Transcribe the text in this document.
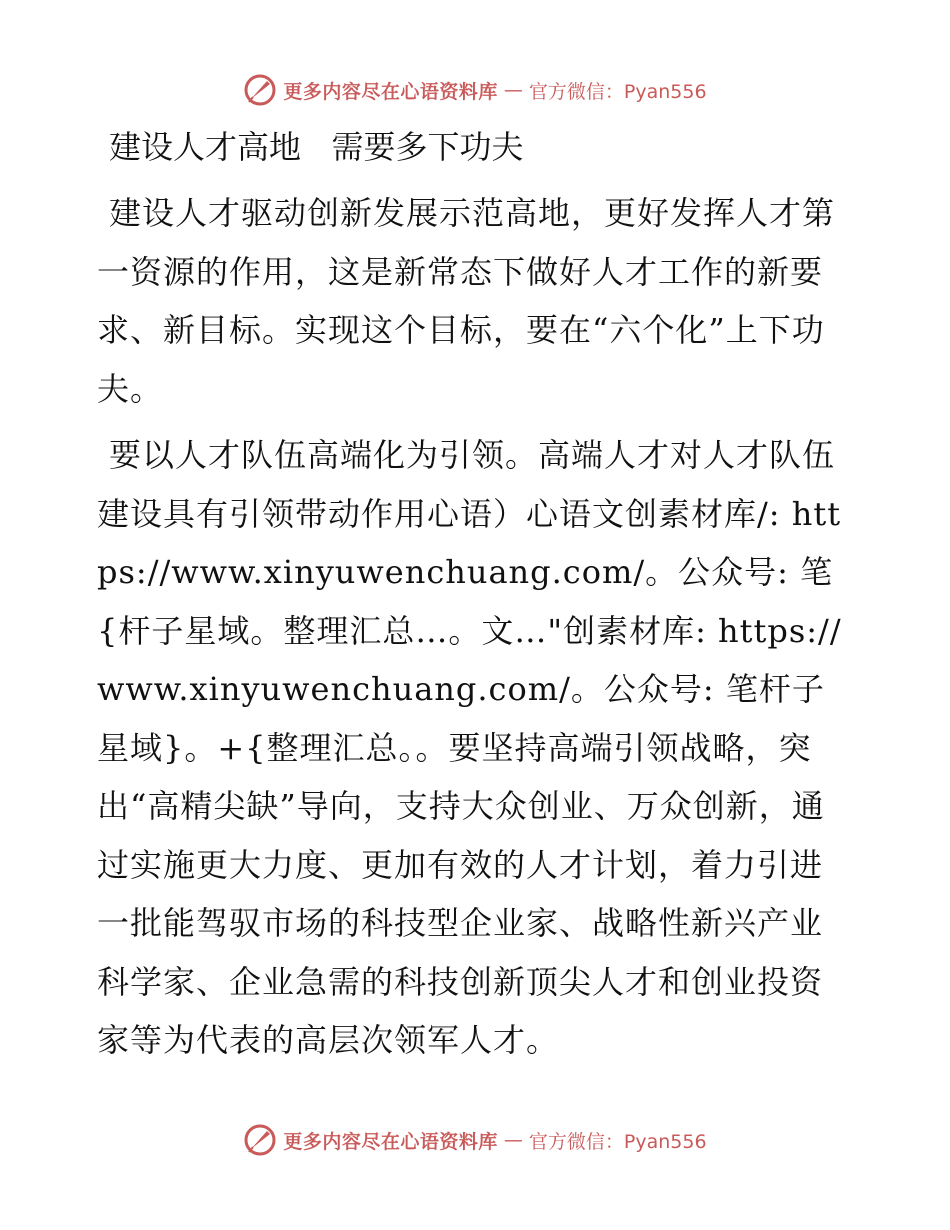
更多内容尽在心语资料库 — 官方微信：Pyan556
建设人才高地   需要多下功夫

建设人才驱动创新发展示范高地，更好发挥人才第一资源的作用，这是新常态下做好人才工作的新要求、新目标。实现这个目标，要在“六个化”上下功夫。

要以人才队伍高端化为引领。高端人才对人才队伍建设具有引领带动作用心语）心语文创素材库/: https://www.xinyuwenchuang.com/。公众号: 笔{杆子星域。整理汇总…。文…"创素材库: https://www.xinyuwenchuang.com/。公众号: 笔杆子星域}。+{整理汇总。。要坚持高端引领战略，突出“高精尖缺”导向，支持大众创业、万众创新，通过实施更大力度、更加有效的人才计划，着力引进一批能驾驭市场的科技型企业家、战略性新兴产业科学家、企业急需的科技创新顶尖人才和创业投资家等为代表的高层次领军人才。

更多内容尽在心语资料库 — 官方微信：Pyan556
